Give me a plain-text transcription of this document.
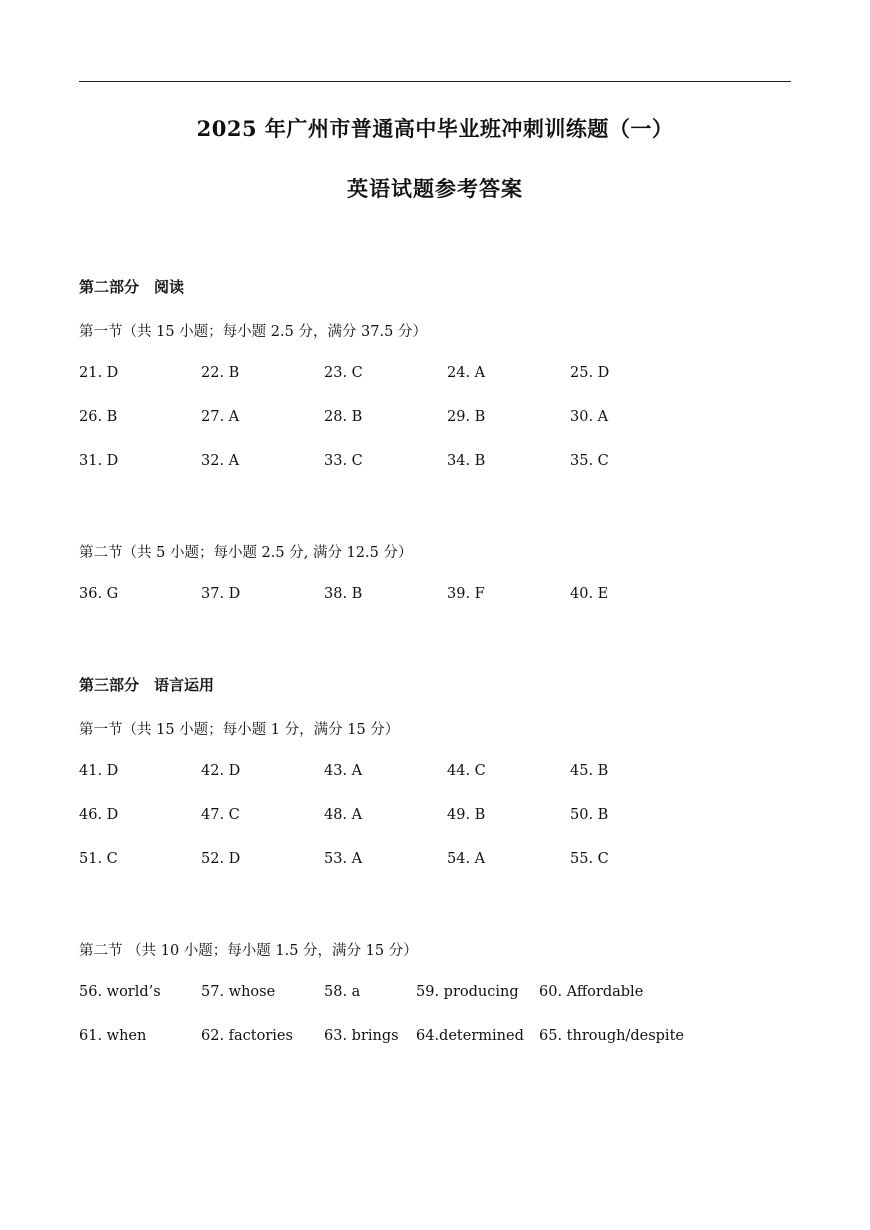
2025 年广州市普通高中毕业班冲刺训练题（一）
英语试题参考答案
第二部分　阅读
第一节（共 15 小题；每小题 2.5 分，满分 37.5 分）
21. D	22. B	23. C	24. A	25. D
26. B	27. A	28. B	29. B	30. A
31. D	32. A	33. C	34. B	35. C
第二节（共 5 小题；每小题 2.5 分, 满分 12.5 分）
36. G	37. D	38. B	39. F	40. E
第三部分　语言运用
第一节（共 15 小题；每小题 1 分，满分 15 分）
41. D	42. D	43. A	44. C	45. B
46. D	47. C	48. A	49. B	50. B
51. C	52. D	53. A	54. A	55. C
第二节 （共 10 小题；每小题 1.5 分，满分 15 分）
56. world’s	57. whose	58. a	59. producing 60. Affordable
61. when	62. factories 63. brings 64.determined 65. through/despite
